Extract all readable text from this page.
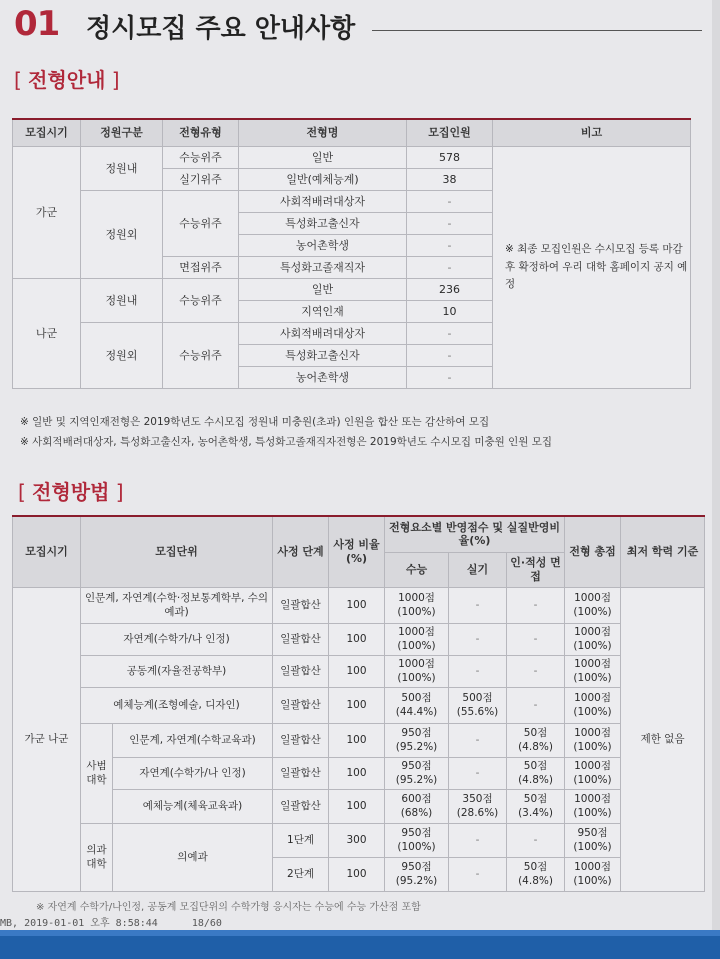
01 정시모집 주요 안내사항
[ 전형안내 ]
모집시기	정원구분	전형유형	전형명	모집인원	비고
가군	정원내	수능위주	일반	578	※ 최종 모집인원은 수시모집 등록 마감 후 확정하여 우리 대학 홈페이지 공지 예정
		실기위주	일반(예체능계)	38	
	정원외	수능위주	사회적배려대상자	-	
			특성화고출신자	-	
			농어촌학생	-	
		면접위주	특성화고졸재직자	-	
나군	정원내	수능위주	일반	236	
			지역인재	10	
	정원외	수능위주	사회적배려대상자	-	
			특성화고출신자	-	
			농어촌학생	-	
※ 일반 및 지역인재전형은 2019학년도 수시모집 정원내 미충원(초과) 인원을 합산 또는 감산하여 모집
※ 사회적배려대상자, 특성화고출신자, 농어촌학생, 특성화고졸재직자전형은 2019학년도 수시모집 미충원 인원 모집
[ 전형방법 ]
모집시기	모집단위		사정 단계	사정 비율 (%)	전형요소별 반영점수 및 실질반영비율(%)			전형 총점	최저 학력 기준
					수능	실기	인·적성 면접		
가군 나군	인문계, 자연계(수학·정보통계학부, 수의예과)		일괄합산	100	1000점 (100%)	-	-	1000점 (100%)	제한 없음
	자연계(수학가/나 인정)		일괄합산	100	1000점 (100%)	-	-	1000점 (100%)	
	공동계(자율전공학부)		일괄합산	100	1000점 (100%)	-	-	1000점 (100%)	
	예체능계(조형예술, 디자인)		일괄합산	100	500점 (44.4%)	500점 (55.6%)	-	1000점 (100%)	
	사범 대학	인문계, 자연계(수학교육과)	일괄합산	100	950점 (95.2%)	-	50점 (4.8%)	1000점 (100%)	
		자연계(수학가/나 인정)	일괄합산	100	950점 (95.2%)	-	50점 (4.8%)	1000점 (100%)	
		예체능계(체육교육과)	일괄합산	100	600점 (68%)	350점 (28.6%)	50점 (3.4%)	1000점 (100%)	
	의과 대학	의예과	1단계	300	950점 (100%)	-	-	950점 (100%)	
			2단계	100	950점 (95.2%)	-	50점 (4.8%)	1000점 (100%)	
※ 자연계 수학가/나인정, 공동계 모집단위의 수학가형 응시자는 수능에 수능 가산점 포함
MB, 2019-01-01 오후 8:58:44	18/60
